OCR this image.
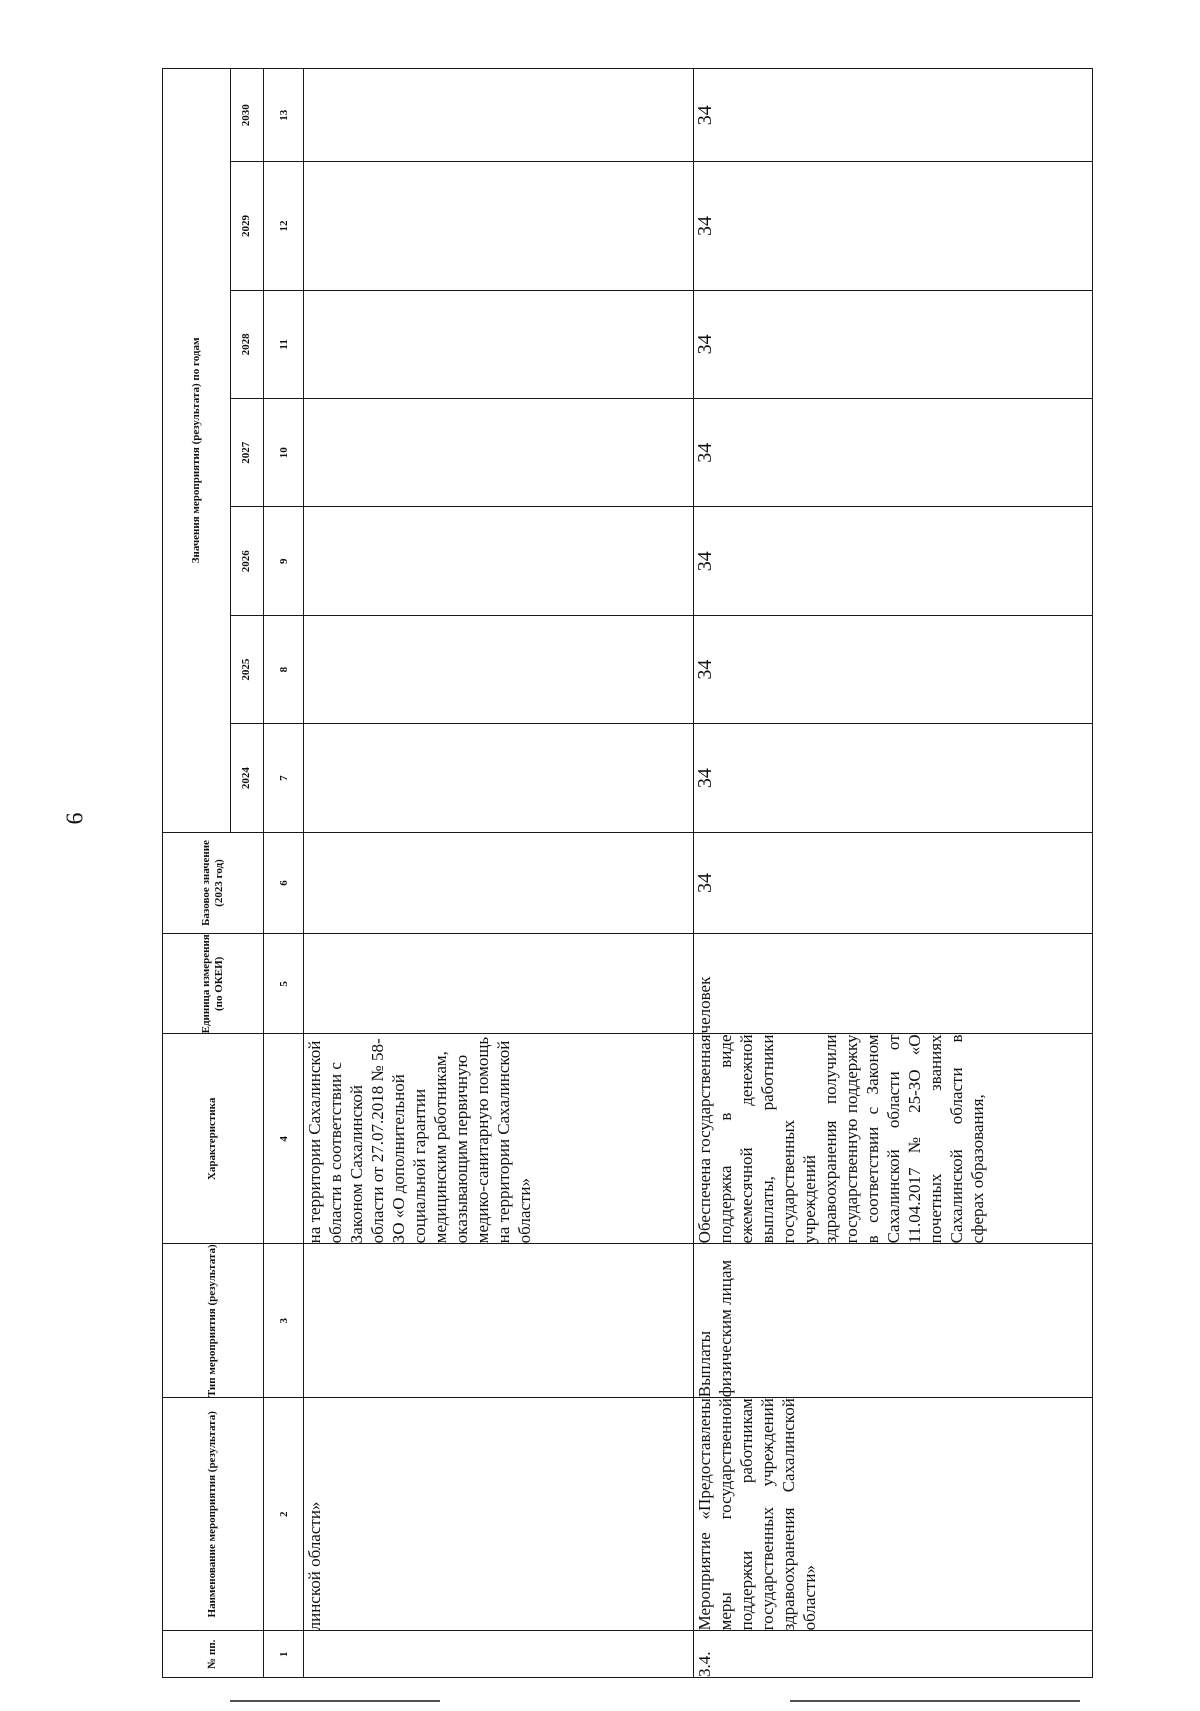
6
№ пп.	Наименование мероприятия (результата)	Тип мероприятия (результата)	Характеристика	Единица измерения (по ОКЕИ)	Базовое значение (2023 год)	Значения мероприятия (результата) по годам						
						2024	2025	2026	2027	2028	2029	2030
1	2	3	4	5	6	7	8	9	10	11	12	13
	линской области»		на территории Сахалинской области в соответствии с Законом Сахалинской области от 27.07.2018 № 58-ЗО «О дополнительной социальной гарантии медицинским работникам, оказывающим первичную медико-санитарную помощь на территории Сахалинской области»									
3.4.	Мероприятие «Предоставлены меры государственной поддержки работникам государственных учреждений здравоохранения Сахалинской области»	Выплаты физическим лицам	Обеспечена государственная поддержка в виде ежемесячной денежной выплаты, работники государственных учреждений здравоохранения получили государственную поддержку в соответствии с Законом Сахалинской области от 11.04.2017 № 25-ЗО «О почетных званиях Сахалинской области в сферах образования,	человек	34	34	34	34	34	34	34	34
